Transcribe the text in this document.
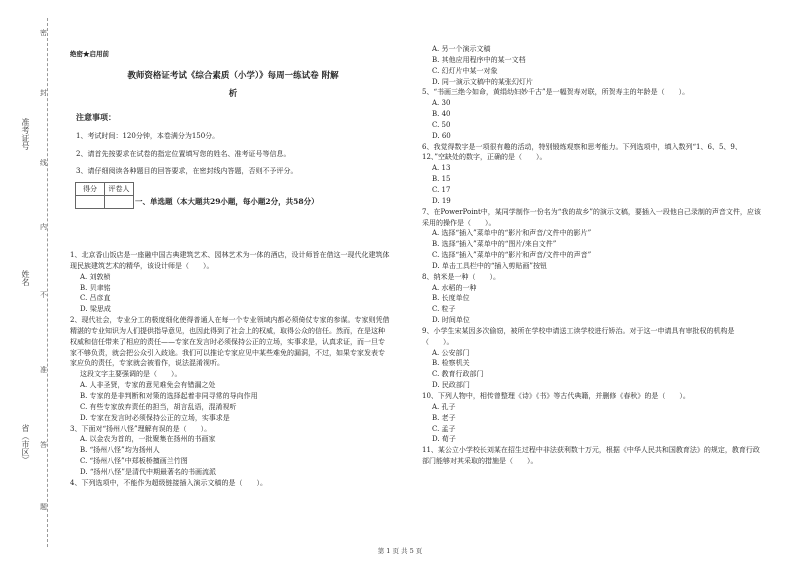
准考证号
姓名
省（市区）
密
封
线
内
不
准
答
题
绝密★启用前
教师资格证考试《综合素质（小学）》每周一练试卷 附解
析
注意事项：
1、考试时间：120分钟，本卷满分为150分。
2、请首先按要求在试卷的指定位置填写您的姓名、准考证号等信息。
3、请仔细阅读各种题目的回答要求，在密封线内答题，否则不予评分。
得分	评卷人

一、单选题（本大题共29小题，每小题2分，共58分）

1、北京香山饭店是一座融中国古典建筑艺术、园林艺术为一体的酒店，设计师旨在借这一现代化建筑体现民族建筑艺术的精华，该设计师是（　　）。

A. 刘敦桢

B. 贝聿铭

C. 吕彦直

D. 梁思成

2、现代社会，专业分工的极度细化使得普通人在每一个专业领域内都必须倚仗专家的参谋。专家则凭借精湛的专业知识为人们提供指导意见，也因此得到了社会上的权威，取得公众的信任。然而，在是这种权威和信任带来了相应的责任——专家在发言时必须保持公正的立场，实事求是，认真求证，而一旦专家不够负责，就会把公众引入歧途。我们可以推论专家应见中某些难免的漏洞，不过，如果专家发表专家应负的责任，专家就会被看作，说法混淆视听。

这段文字主要强调的是（　　）。

A. 人非圣贤，专家的意见难免会有错漏之处

B. 专家的是非判断和对策的选择起着非同寻常的导向作用

C. 有些专家放弃责任的担当，胡言乱语，混淆视听

D. 专家在发言时必须保持公正的立场，实事求是

3、下面对“扬州八怪”理解有误的是（　　）。

A. 以金农为首的，一批聚集在扬州的书画家

B. “扬州八怪”均为扬州人

C. “扬州八怪”中郑板桥擅画兰竹图

D. “扬州八怪”是清代中期最著名的书画流派

4、下列选项中，不能作为超级链接插入演示文稿的是（　　）。

A. 另一个演示文稿

B. 其他应用程序中的某一文档

C. 幻灯片中某一对象

D. 同一演示文稿中的某张幻灯片

5、“书画三绝今如命，黄绢幼妇妙千古”是一幅贺寿对联，所贺寿主的年龄是（　　）。

A. 30

B. 40

C. 50

D. 60

6、我觉得数字是一项很有趣的活动，特别锻炼观察和思考能力。下列选项中，填入数列“1、6、5、9、12、”空缺处的数字，正确的是（　　）。

A. 13

B. 15

C. 17

D. 19

7、在PowerPoint中，某同学制作一份名为“我的故乡”的演示文稿，要插入一段他自己录制的声音文件，应该采用的操作是（　　）。

A. 选择“插入”菜单中的“影片和声音/文件中的影片”

B. 选择“插入”菜单中的“图片/来自文件”

C. 选择“插入”菜单中的“影片和声音/文件中的声音”

D. 单击工具栏中的“插入剪贴画”按钮

8、纳米是一种（　　）。

A. 水稻的一种

B. 长度单位

C. 粒子

D. 时间单位

9、小学生宋某因多次偷窃，被所在学校申请送工读学校进行矫治。对于这一申请具有审批权的机构是（　　）。

A. 公安部门

B. 检察机关

C. 教育行政部门

D. 民政部门

10、下列人物中，相传曾整理《诗》《书》等古代典籍，并删修《春秋》的是（　　）。

A. 孔子

B. 老子

C. 孟子

D. 荀子

11、某公立小学校长刘某在招生过程中非法获利数十万元，根据《中华人民共和国教育法》的规定，教育行政部门能够对其采取的措施是（　　）。

第 1 页 共 5 页
